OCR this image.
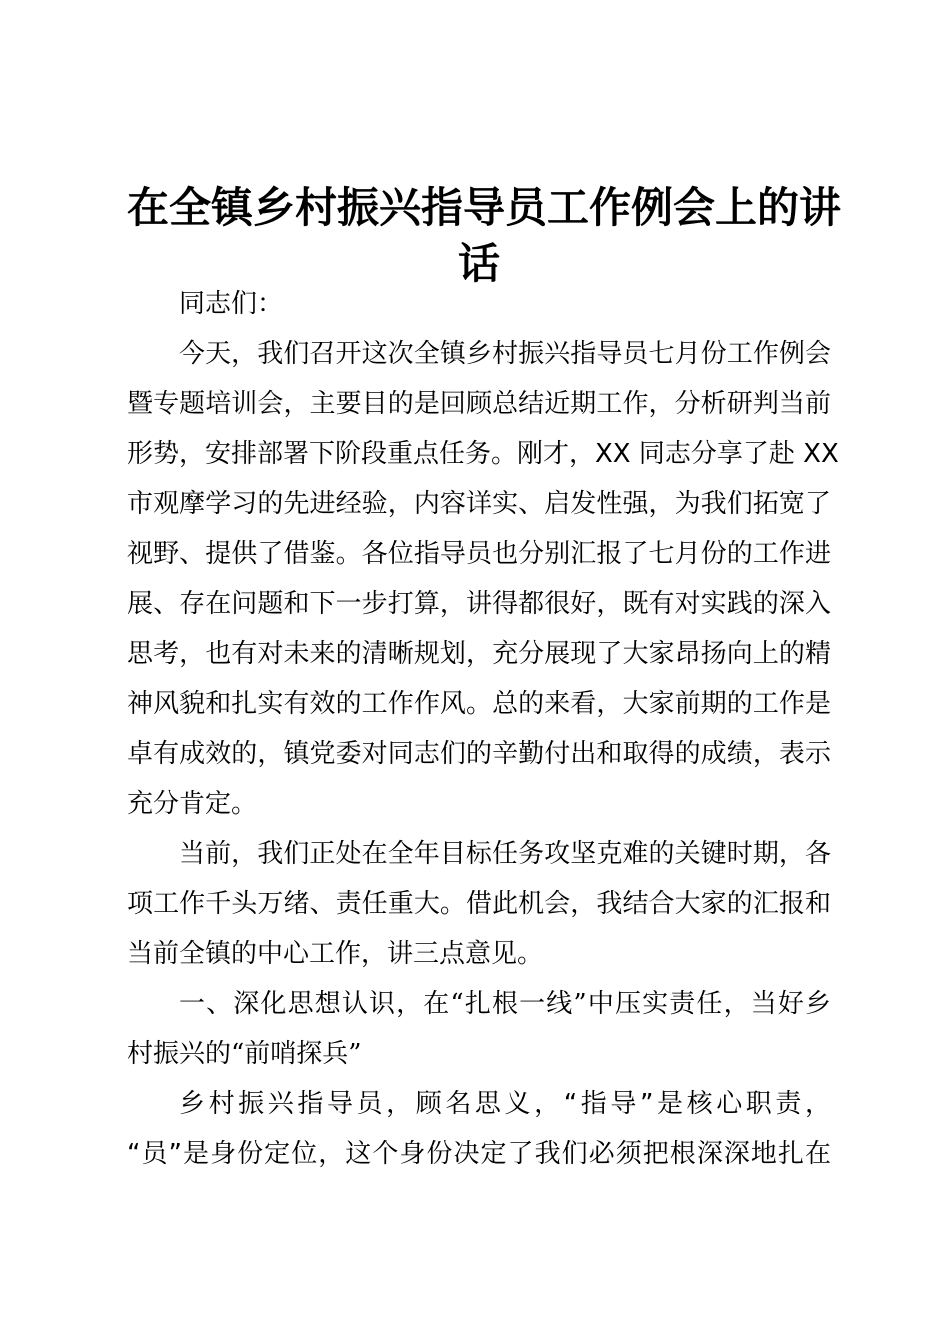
在全镇乡村振兴指导员工作例会上的讲
话

同志们：

今天，我们召开这次全镇乡村振兴指导员七月份工作例会
暨专题培训会，主要目的是回顾总结近期工作，分析研判当前
形势，安排部署下阶段重点任务。刚才，XX 同志分享了赴 XX
市观摩学习的先进经验，内容详实、启发性强，为我们拓宽了
视野、提供了借鉴。各位指导员也分别汇报了七月份的工作进
展、存在问题和下一步打算，讲得都很好，既有对实践的深入
思考，也有对未来的清晰规划，充分展现了大家昂扬向上的精
神风貌和扎实有效的工作作风。总的来看，大家前期的工作是
卓有成效的，镇党委对同志们的辛勤付出和取得的成绩，表示
充分肯定。

当前，我们正处在全年目标任务攻坚克难的关键时期，各
项工作千头万绪、责任重大。借此机会，我结合大家的汇报和
当前全镇的中心工作，讲三点意见。

一、深化思想认识，在“扎根一线”中压实责任，当好乡
村振兴的“前哨探兵”

乡村振兴指导员，顾名思义，“指导”是核心职责，
“员”是身份定位，这个身份决定了我们必须把根深深地扎在
